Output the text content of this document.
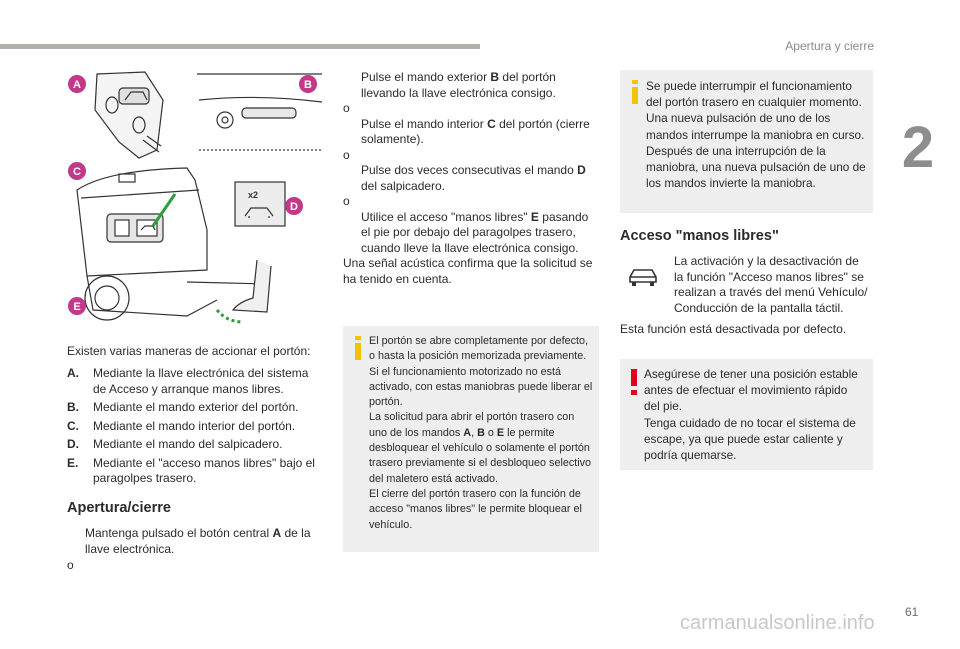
Apertura y cierre
2
x2
A	B
C
D
E
Existen varias maneras de accionar el portón:
A.	Mediante la llave electrónica del sistema de Acceso y arranque manos libres.
B.	Mediante el mando exterior del portón.
C.	Mediante el mando interior del portón.
D.	Mediante el mando del salpicadero.
E.	Mediante el "acceso manos libres" bajo el paragolpes trasero.
Apertura/cierre
Mantenga pulsado el botón central A de la llave electrónica.
o
Pulse el mando exterior B del portón llevando la llave electrónica consigo.
o
Pulse el mando interior C del portón (cierre solamente).
o
Pulse dos veces consecutivas el mando D del salpicadero.
o
Utilice el acceso "manos libres" E pasando el pie por debajo del paragolpes trasero, cuando lleve la llave electrónica consigo.
Una señal acústica confirma que la solicitud se ha tenido en cuenta.
El portón se abre completamente por defecto, o hasta la posición memorizada previamente.
Si el funcionamiento motorizado no está activado, con estas maniobras puede liberar el portón.
La solicitud para abrir el portón trasero con uno de los mandos A, B o E le permite desbloquear el vehículo o solamente el portón trasero previamente si el desbloqueo selectivo del maletero está activado.
El cierre del portón trasero con la función de acceso "manos libres" le permite bloquear el vehículo.
Se puede interrumpir el funcionamiento del portón trasero en cualquier momento. Una nueva pulsación de uno de los mandos interrumpe la maniobra en curso. Después de una interrupción de la maniobra, una nueva pulsación de uno de los mandos invierte la maniobra.
Acceso "manos libres"
La activación y la desactivación de la función "Acceso manos libres" se realizan a través del menú Vehículo/ Conducción de la pantalla táctil.
Esta función está desactivada por defecto.
Asegúrese de tener una posición estable antes de efectuar el movimiento rápido del pie.
Tenga cuidado de no tocar el sistema de escape, ya que puede estar caliente y podría quemarse.
carmanualsonline.info	61
